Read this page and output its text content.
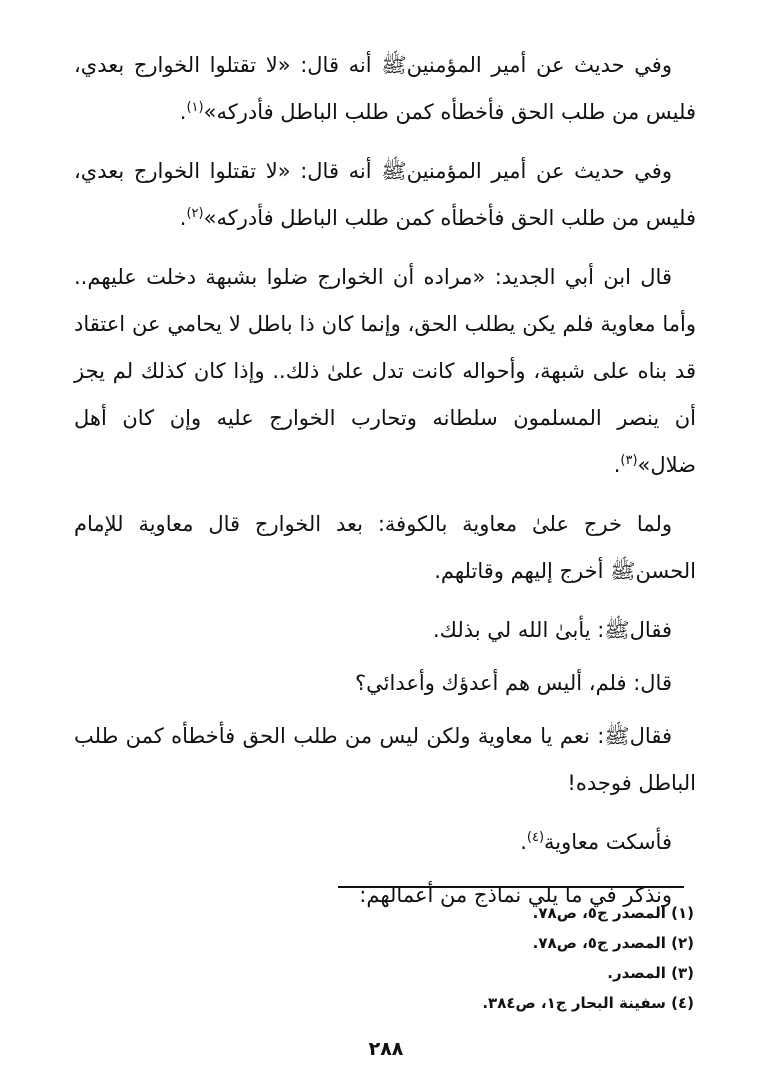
وفي حديث عن أمير المؤمنينﷺ أنه قال: «لا تقتلوا الخوارج بعدي، فليس من طلب الحق فأخطأه كمن طلب الباطل فأدركه»$^{(١)}$.

وفي حديث عن أمير المؤمنينﷺ أنه قال: «لا تقتلوا الخوارج بعدي، فليس من طلب الحق فأخطأه كمن طلب الباطل فأدركه»$^{(٢)}$.

قال ابن أبي الجديد: «مراده أن الخوارج ضلوا بشبهة دخلت عليهم.. وأما معاوية فلم يكن يطلب الحق، وإنما كان ذا باطل لا يحامي عن اعتقاد قد بناه على شبهة، وأحواله كانت تدل علىٰ ذلك.. وإذا كان كذلك لم يجز أن ينصر المسلمون سلطانه وتحارب الخوارج عليه وإن كان أهل ضلال»$^{(٣)}$.

ولما خرج علىٰ معاوية بالكوفة: بعد الخوارج قال معاوية للإمام الحسنﷺ أخرج إليهم وقاتلهم.

فقالﷺ: يأبىٰ الله لي بذلك.

قال: فلم، أليس هم أعدؤك وأعدائي؟

فقالﷺ: نعم يا معاوية ولكن ليس من طلب الحق فأخطأه كمن طلب الباطل فوجده!

فأسكت معاوية$^{(٤)}$.

ونذكر في ما يلي نماذج من أعمالهم:

(١) المصدر ج٥، ص٧٨.

(٢) المصدر ج٥، ص٧٨.

(٣) المصدر.

(٤) سفينة البحار ج١، ص٣٨٤.

٢٨٨
